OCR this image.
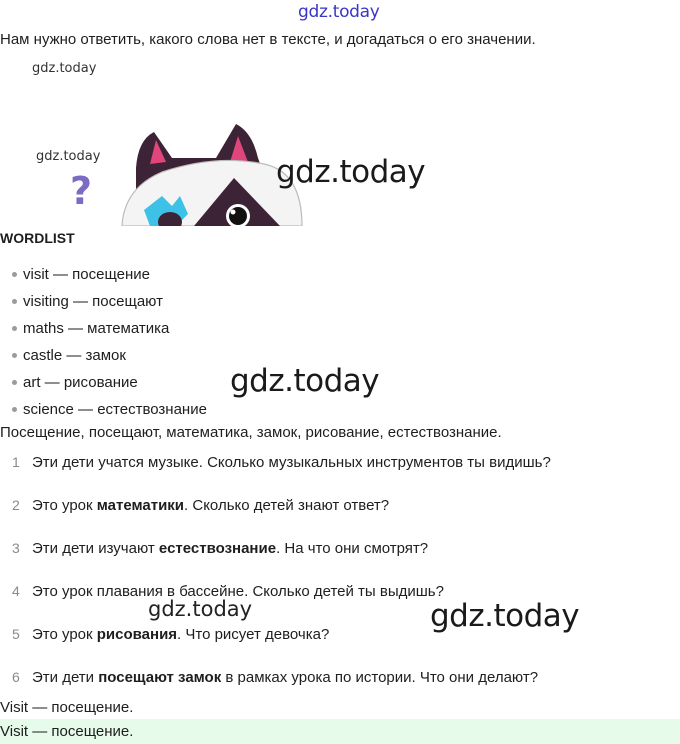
gdz.today
Нам нужно ответить, какого слова нет в тексте, и догадаться о его значении.
gdz.today
gdz.today
?	gdz.today
gdz.today
gdz.today
gdz.today
WORDLIST
visit — посещение
visiting — посещают
maths — математика
castle — замок
art — рисование
science — естествознание
Посещение, посещают, математика, замок, рисование, естествознание.
1 Эти дети учатся музыке. Сколько музыкальных инструментов ты видишь?
2 Это урок математики. Сколько детей знают ответ?
3 Эти дети изучают естествознание. На что они смотрят?
4 Это урок плавания в бассейне. Сколько детей ты выдишь?
5 Это урок рисования. Что рисует девочка?
6 Эти дети посещают замок в рамках урока по истории. Что они делают?
Visit — посещение.
Visit — посещение.
